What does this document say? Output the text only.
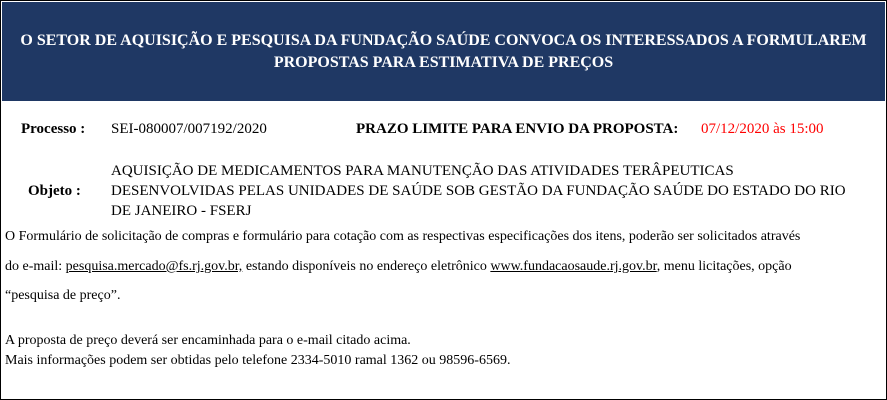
O SETOR DE AQUISIÇÃO E PESQUISA DA FUNDAÇÃO SAÚDE CONVOCA OS INTERESSADOS A FORMULAREM
PROPOSTAS PARA ESTIMATIVA DE PREÇOS
Processo : SEI-080007/007192/2020	PRAZO LIMITE PARA ENVIO DA PROPOSTA: 07/12/2020 às 15:00
Objeto :
AQUISIÇÃO DE MEDICAMENTOS PARA MANUTENÇÃO DAS ATIVIDADES TERÂPEUTICAS
DESENVOLVIDAS PELAS UNIDADES DE SAÚDE SOB GESTÃO DA FUNDAÇÃO SAÚDE DO ESTADO DO RIO
DE JANEIRO - FSERJ
O Formulário de solicitação de compras e formulário para cotação com as respectivas especificações dos itens, poderão ser solicitados através
do e-mail: pesquisa.mercado@fs.rj.gov.br, estando disponíveis no endereço eletrônico www.fundacaosaude.rj.gov.br, menu licitações, opção
“pesquisa de preço”.
A proposta de preço deverá ser encaminhada para o e-mail citado acima.
Mais informações podem ser obtidas pelo telefone 2334-5010 ramal 1362 ou 98596-6569.
